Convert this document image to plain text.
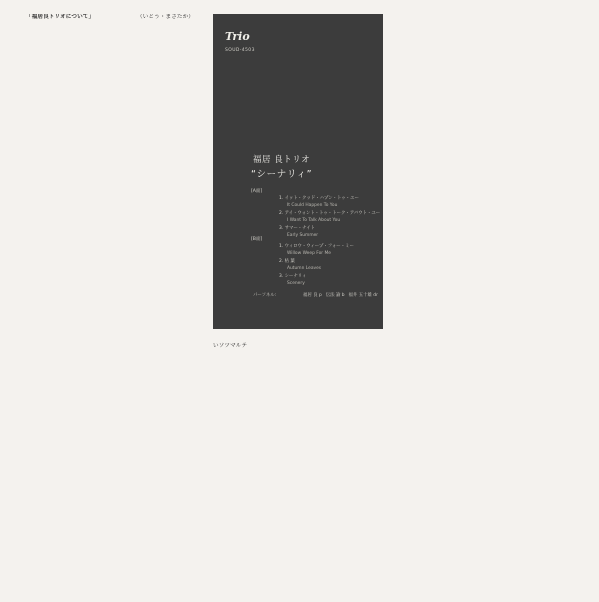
「福居良トリオについて」	（いとう・まさたか）
Trio
SOUD-4503
福居 良トリオ
“シーナリィ”
[A面]
1. イット・クッド・ハプン・トゥ・ユー
It Could Happen To You
2. アイ・ウォント・トゥ・トーク・アバウト・ユー
I Want To Talk About You
3. サマー・ナイト
Early Summer
[B面]
1. ウィロウ・ウィープ・フォー・ミー
Willow Weep For Me
2. 枯 葉
Autumn Leaves
3. シーナリィ
Scenery
パーソネル:	福居 良 p 伝法 諭 b 福井 五十雄 dr
いソツマルテ
